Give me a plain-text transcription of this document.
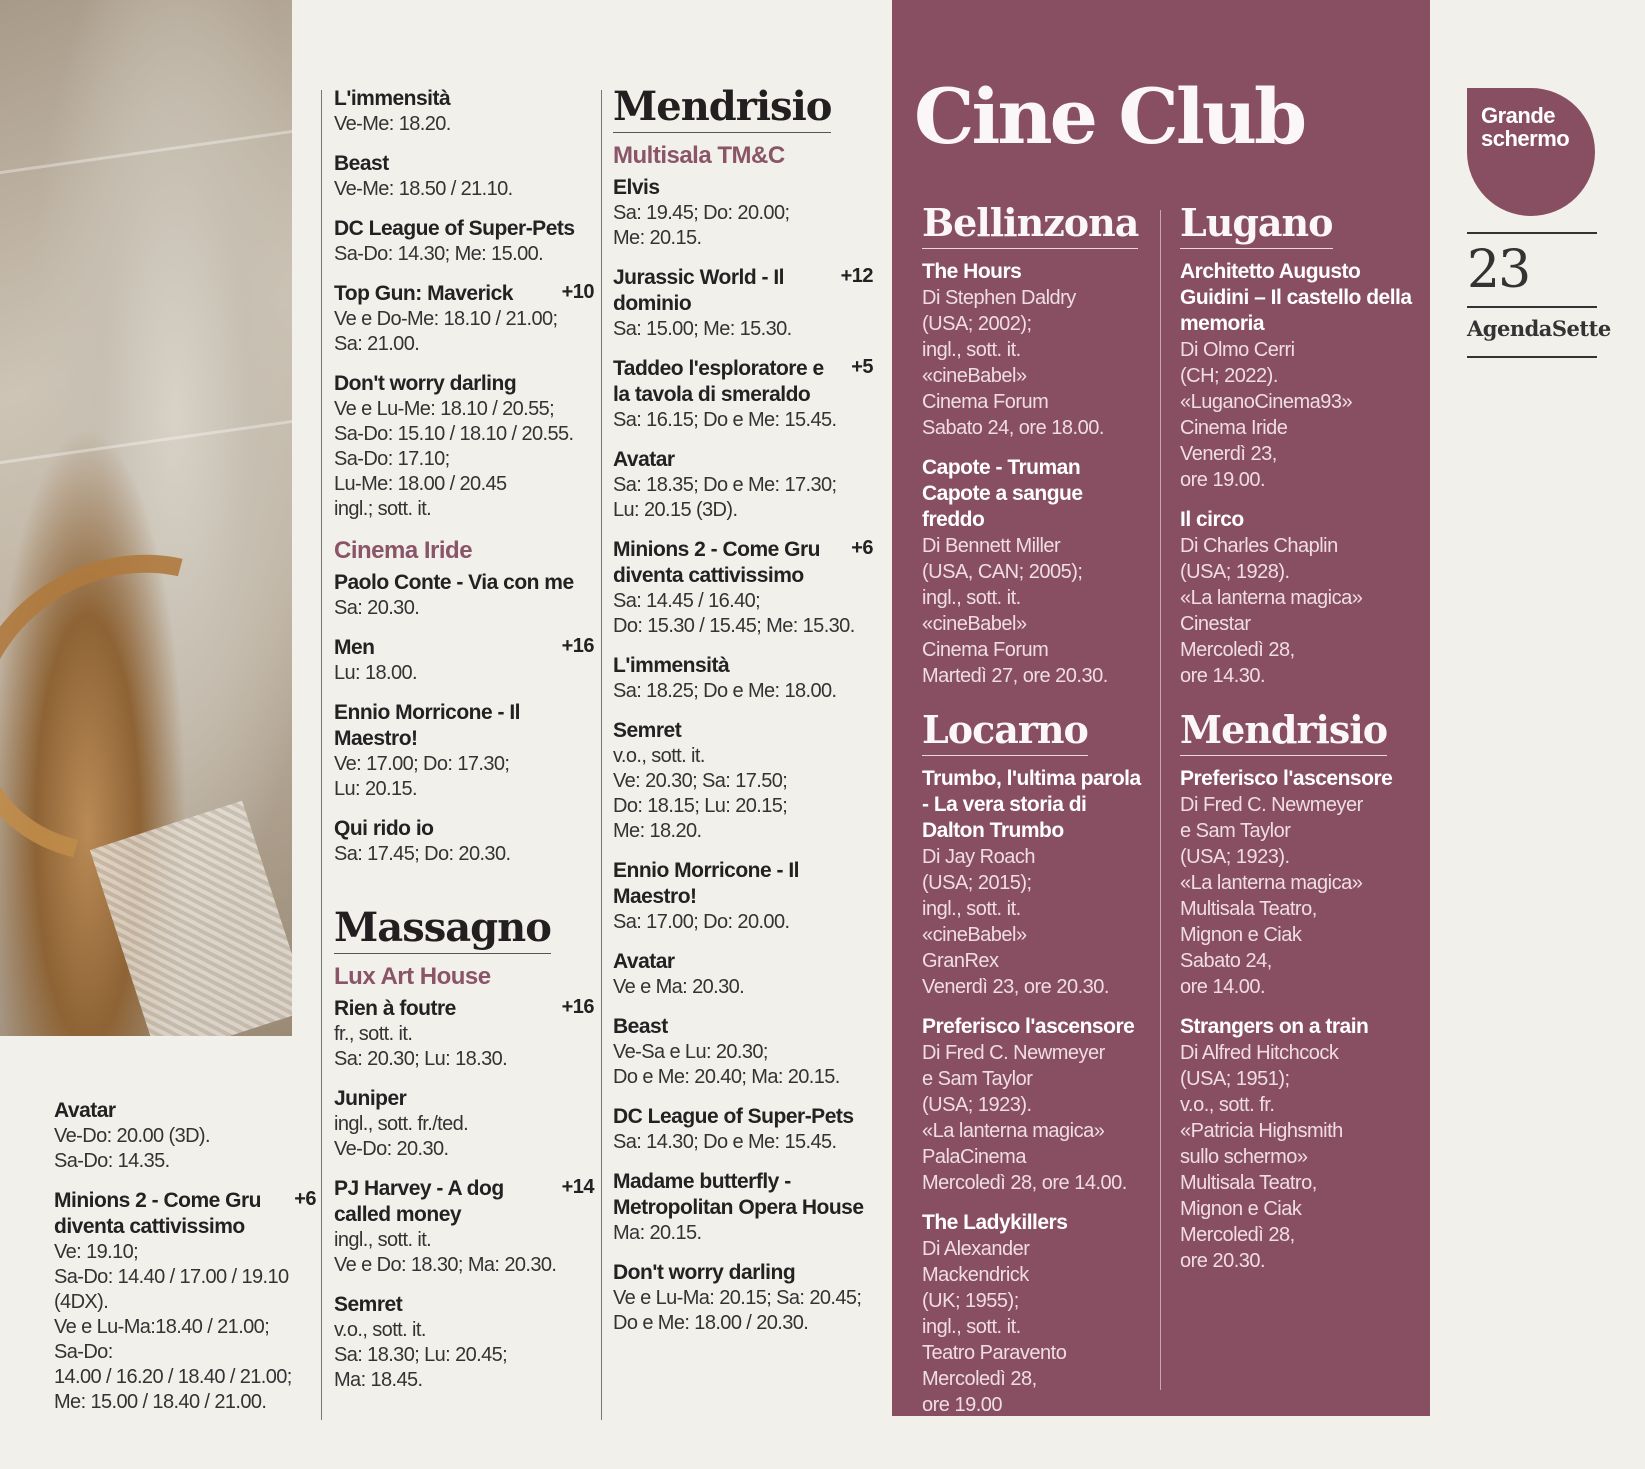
Avatar
Ve-Do: 20.00 (3D).
Sa-Do: 14.35.
Minions 2 - Come Gru diventa cattivissimo
+6
Ve: 19.10;
Sa-Do: 14.40 / 17.00 / 19.10 (4DX).
Ve e Lu-Ma:18.40 / 21.00;
Sa-Do:
14.00 / 16.20 / 18.40 / 21.00;
Me: 15.00 / 18.40 / 21.00.
L'immensità
Ve-Me: 18.20.
Beast
Ve-Me: 18.50 / 21.10.
DC League of Super-Pets
Sa-Do: 14.30; Me: 15.00.
Top Gun: Maverick	+10
Ve e Do-Me: 18.10 / 21.00;
Sa: 21.00.
Don't worry darling
Ve e Lu-Me: 18.10 / 20.55;
Sa-Do: 15.10 / 18.10 / 20.55.
Sa-Do: 17.10;
Lu-Me: 18.00 / 20.45
ingl.; sott. it.
Cinema Iride
Paolo Conte - Via con me
Sa: 20.30.
Men	+16
Lu: 18.00.
Ennio Morricone - Il Maestro!
Ve: 17.00; Do: 17.30;
Lu: 20.15.
Qui rido io
Sa: 17.45; Do: 20.30.
Massagno
Lux Art House
Rien à foutre	+16
fr., sott. it.
Sa: 20.30; Lu: 18.30.
Juniper
ingl., sott. fr./ted.
Ve-Do: 20.30.
PJ Harvey - A dog called money
+14
ingl., sott. it.
Ve e Do: 18.30; Ma: 20.30.
Semret
v.o., sott. it.
Sa: 18.30; Lu: 20.45;
Ma: 18.45.
Mendrisio
Multisala TM&C
Elvis
Sa: 19.45; Do: 20.00;
Me: 20.15.
Jurassic World - Il dominio
+12
Sa: 15.00; Me: 15.30.
Taddeo l'esploratore e la tavola di smeraldo
+5
Sa: 16.15; Do e Me: 15.45.
Avatar
Sa: 18.35; Do e Me: 17.30;
Lu: 20.15 (3D).
Minions 2 - Come Gru diventa cattivissimo
+6
Sa: 14.45 / 16.40;
Do: 15.30 / 15.45; Me: 15.30.
L'immensità
Sa: 18.25; Do e Me: 18.00.
Semret
v.o., sott. it.
Ve: 20.30; Sa: 17.50;
Do: 18.15; Lu: 20.15;
Me: 18.20.
Ennio Morricone - Il Maestro!
Sa: 17.00; Do: 20.00.
Avatar
Ve e Ma: 20.30.
Beast
Ve-Sa e Lu: 20.30;
Do e Me: 20.40; Ma: 20.15.
DC League of Super-Pets
Sa: 14.30; Do e Me: 15.45.
Madame butterfly - Metropolitan Opera House
Ma: 20.15.
Don't worry darling
Ve e Lu-Ma: 20.15; Sa: 20.45;
Do e Me: 18.00 / 20.30.
Cine Club
Bellinzona
The Hours
Di Stephen Daldry
(USA; 2002);
ingl., sott. it.
«cineBabel»
Cinema Forum
Sabato 24, ore 18.00.
Capote - Truman Capote a sangue freddo
Di Bennett Miller
(USA, CAN; 2005);
ingl., sott. it.
«cineBabel»
Cinema Forum
Martedì 27, ore 20.30.
Locarno
Trumbo, l'ultima parola - La vera storia di Dalton Trumbo
Di Jay Roach
(USA; 2015);
ingl., sott. it.
«cineBabel»
GranRex
Venerdì 23, ore 20.30.
Preferisco l'ascensore
Di Fred C. Newmeyer
e Sam Taylor
(USA; 1923).
«La lanterna magica»
PalaCinema
Mercoledì 28, ore 14.00.
The Ladykillers
Di Alexander
Mackendrick
(UK; 1955);
ingl., sott. it.
Teatro Paravento
Mercoledì 28,
ore 19.00
Lugano
Architetto Augusto Guidini – Il castello della memoria
Di Olmo Cerri
(CH; 2022).
«LuganoCinema93»
Cinema Iride
Venerdì 23,
ore 19.00.
Il circo
Di Charles Chaplin
(USA; 1928).
«La lanterna magica»
Cinestar
Mercoledì 28,
ore 14.30.
Mendrisio
Preferisco l'ascensore
Di Fred C. Newmeyer
e Sam Taylor
(USA; 1923).
«La lanterna magica»
Multisala Teatro,
Mignon e Ciak
Sabato 24,
ore 14.00.
Strangers on a train
Di Alfred Hitchcock
(USA; 1951);
v.o., sott. fr.
«Patricia Highsmith
sullo schermo»
Multisala Teatro,
Mignon e Ciak
Mercoledì 28,
ore 20.30.
Grande schermo
23
AgendaSette
